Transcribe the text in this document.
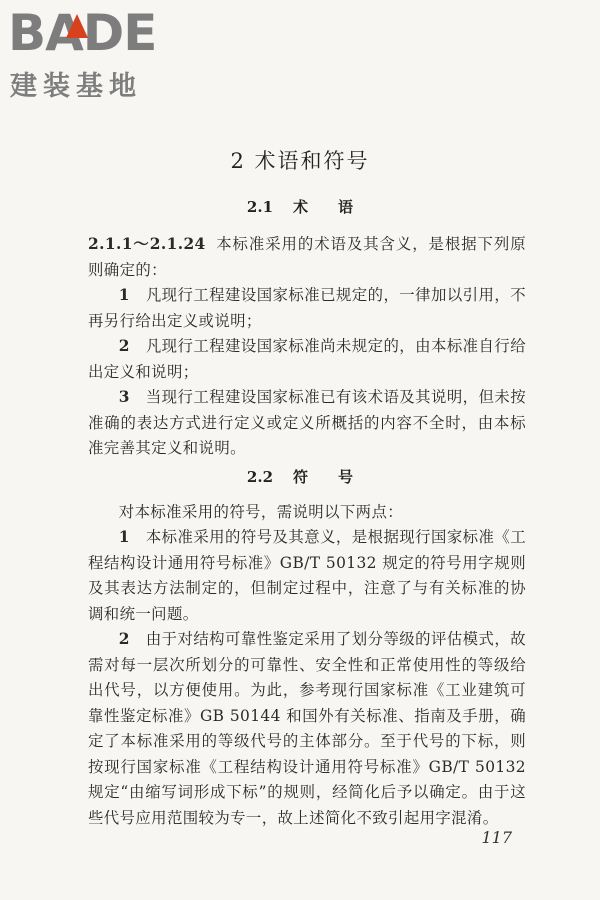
BADE
建装基地
2 术语和符号
2.1 术 语

2.1.1～2.1.24 本标准采用的术语及其含义，是根据下列原则确定的：

1　 凡现行工程建设国家标准已规定的，一律加以引用，不再另行给出定义或说明；

2　 凡现行工程建设国家标准尚未规定的，由本标准自行给出定义和说明；

3　 当现行工程建设国家标准已有该术语及其说明，但未按准确的表达方式进行定义或定义所概括的内容不全时，由本标准完善其定义和说明。

2.2 符 号

对本标准采用的符号，需说明以下两点：

1　 本标准采用的符号及其意义，是根据现行国家标准《工程结构设计通用符号标准》GB/T 50132 规定的符号用字规则及其表达方法制定的，但制定过程中，注意了与有关标准的协调和统一问题。

2　 由于对结构可靠性鉴定采用了划分等级的评估模式，故需对每一层次所划分的可靠性、安全性和正常使用性的等级给出代号，以方便使用。为此，参考现行国家标准《工业建筑可靠性鉴定标准》GB 50144 和国外有关标准、指南及手册，确定了本标准采用的等级代号的主体部分。至于代号的下标，则按现行国家标准《工程结构设计通用符号标准》GB/T 50132 规定“由缩写词形成下标”的规则，经简化后予以确定。由于这些代号应用范围较为专一，故上述简化不致引起用字混淆。

117
